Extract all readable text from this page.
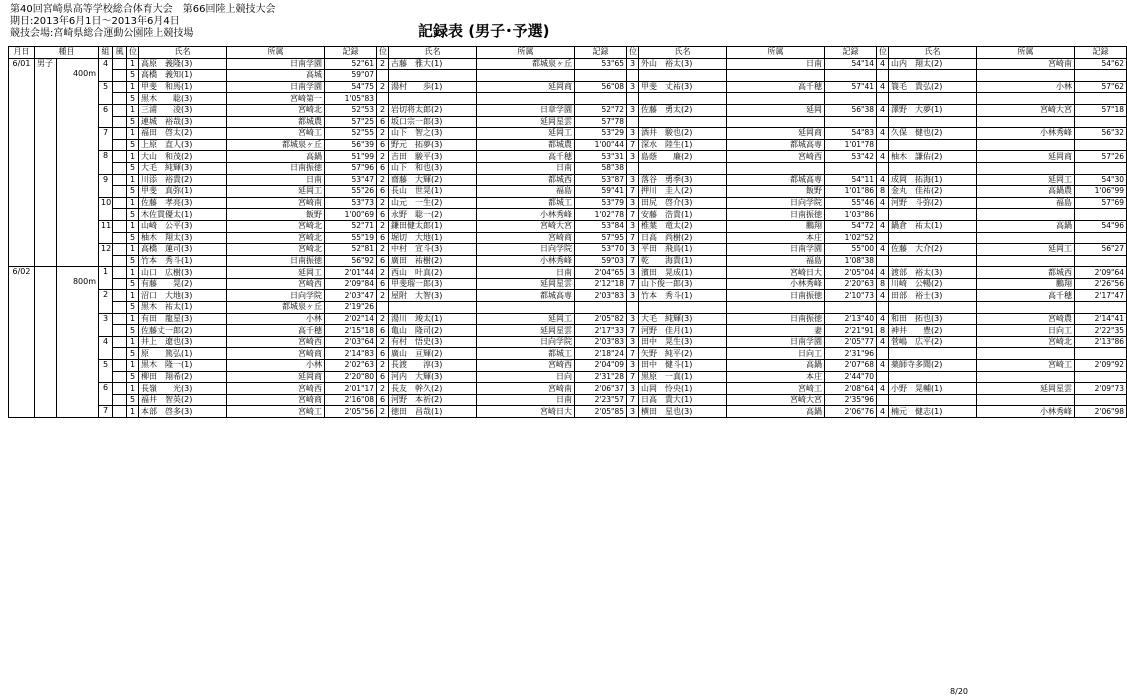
第40回宮崎県高等学校総合体育大会　第66回陸上競技大会
期日:2013年6月1日～2013年6月4日
競技会場:宮崎県総合運動公園陸上競技場	記録表 (男子･予選)
月日	種目		組	風	位	氏名	所属	記録	位	氏名	所属	記録	位	氏名	所属	記録	位	氏名	所属	記録
6/01	男子	400m	4		1	高原　義隆(3)	日南学園	52"61	2	古藤　雅大(1)	都城泉ヶ丘	53"65	3	外山　裕太(3)	日南	54"14	4	山内　翔太(2)	宮崎南	54"62
					5	高橋　義知(1)	高城	59"07												
			5		1	甲斐　和馬(1)	日南学園	54"75	2	湯村　　歩(1)	延岡商	56"08	3	甲斐　丈祐(3)	高千穂	57"41	4	簑毛　貴弘(2)	小林	57"62
					5	黒木　　聡(3)	宮崎第一	1'05"83												
			6		1	三浦　　凌(3)	宮崎北	52"53	2	岩切将太郎(2)	日章学園	52"72	3	佐藤　勇太(2)	延岡	56"38	4	澤野　大夢(1)	宮崎大宮	57"18
					5	連城　裕哉(3)	都城農	57"25	6	坂口宗一郎(3)	延岡星雲	57"78								
			7		1	福田　啓太(2)	宮崎工	52"55	2	山下　智之(3)	延岡工	53"29	3	酒井　駿也(2)	延岡商	54"83	4	久保　健也(2)	小林秀峰	56"32
					5	上原　直人(3)	都城泉ヶ丘	56"39	6	野元　拓夢(3)	都城農	1'00"44	7	深水　陸生(1)	都城高専	1'01"78				
			8		1	大山　和茂(2)	高鍋	51"99	2	吉田　駿平(3)	高千穂	53"31	3	島蔭　　廉(2)	宮崎西	53"42	4	柚木　謙佑(2)	延岡商	57"26
					5	大毛　純輝(3)	日南振徳	57"96	6	山下　和也(3)	日南	58"38								
			9		1	川添　裕貴(2)	日南	53"47	2	齋藤　大輝(2)	都城西	53"87	3	落谷　勇季(3)	都城高専	54"11	4	成岡　拓海(1)	延岡工	54"30
					5	甲斐　真弥(1)	延岡工	55"26	6	長山　世晃(1)	福島	59"41	7	押川　圭人(2)	飯野	1'01"86	8	金丸　佳祐(2)	高鍋農	1'06"99
			10		1	佐藤　孝亮(3)	宮崎南	53"73	2	山元　一生(2)	都城工	53"79	3	田尻　啓介(3)	日向学院	55"46	4	河野　斗弥(2)	福島	57"69
					5	木佐貫優太(1)	飯野	1'00"69	6	永野　聡一(2)	小林秀峰	1'02"78	7	安藤　浩貴(1)	日南振徳	1'03"86				
			11		1	山崎　公平(3)	宮崎北	52"71	2	鎌田健太郎(1)	宮崎大宮	53"84	3	椎葉　竜太(2)	鵬翔	54"72	4	鍋倉　祐太(1)	高鍋	54"96
					5	柚木　翔太(3)	宮崎北	55"19	6	堀切　大地(1)	宮崎商	57"95	7	日高　尚樹(2)	本庄	1'02"52				
			12		1	高橋　蓮司(3)	宮崎北	52"81	2	中村　宣斗(3)	日向学院	53"70	3	平田　飛鳥(1)	日南学園	55"00	4	佐藤　大介(2)	延岡工	56"27
					5	竹本　秀斗(1)	日南振徳	56"92	6	廣田　祐樹(2)	小林秀峰	59"03	7	乾　　海貴(1)	福島	1'08"38				
6/02		800m	1		1	山口　広樹(3)	延岡工	2'01"44	2	西山　叶真(2)	日南	2'04"65	3	濱田　晃成(1)	宮崎日大	2'05"04	4	渡部　裕太(3)	都城西	2'09"64
					5	有藤　　晃(2)	宮崎西	2'09"84	6	甲斐瑠一郎(3)	延岡星雲	2'12"18	7	山下俊一郎(3)	小林秀峰	2'20"63	8	川崎　公暢(2)	鵬翔	2'26"56
			2		1	沼口　大地(3)	日向学院	2'03"47	2	屋附　大智(3)	都城高専	2'03"83	3	竹本　秀斗(1)	日南振徳	2'10"73	4	田部　裕士(3)	高千穂	2'17"47
					5	黒木　祐太(1)	都城泉ヶ丘	2'19"26												
			3		1	有田　龍星(3)	小林	2'02"14	2	湯川　竣太(1)	延岡工	2'05"82	3	大毛　純輝(3)	日南振徳	2'13"40	4	和田　拓也(3)	宮崎農	2'14"41
					5	佐藤丈一郎(2)	高千穂	2'15"18	6	亀山　隆司(2)	延岡星雲	2'17"33	7	河野　佳月(1)	妻	2'21"91	8	神井　　豊(2)	日向工	2'22"35
			4		1	井上　遼也(3)	宮崎西	2'03"64	2	有村　悟史(3)	日向学院	2'03"83	3	田中　晃生(3)	日南学園	2'05"77	4	菅嶋　広平(2)	宮崎北	2'13"86
					5	原　　篤弘(1)	宮崎商	2'14"83	6	廣山　亘輝(2)	都城工	2'18"24	7	矢野　純平(2)	日向工	2'31"96				
			5		1	黒木　隆一(1)	小林	2'02"63	2	長渡　　淳(3)	宮崎西	2'04"09	3	田中　健斗(1)	高鍋	2'07"68	4	薬師寺多聞(2)	宮崎工	2'09"92
					5	柳田　翔希(2)	延岡商	2'20"80	6	河内　大輝(3)	日向	2'31"28	7	黒原　一真(1)	本庄	2'44"70				
			6		1	長嶺　　光(3)	宮崎西	2'01"17	2	長友　幹久(2)	宮崎南	2'06"37	3	山岡　怜央(1)	宮崎工	2'08"64	4	小野　晃輔(1)	延岡星雲	2'09"73
					5	福井　智英(2)	宮崎商	2'16"08	6	河野　本祈(2)	日南	2'23"57	7	日高　貴大(1)	宮崎大宮	2'35"96				
			7		1	本部　啓多(3)	宮崎工	2'05"56	2	徳田　昌哉(1)	宮崎日大	2'05"85	3	横田　星也(3)	高鍋	2'06"76	4	楠元　健志(1)	小林秀峰	2'06"98
8/20
